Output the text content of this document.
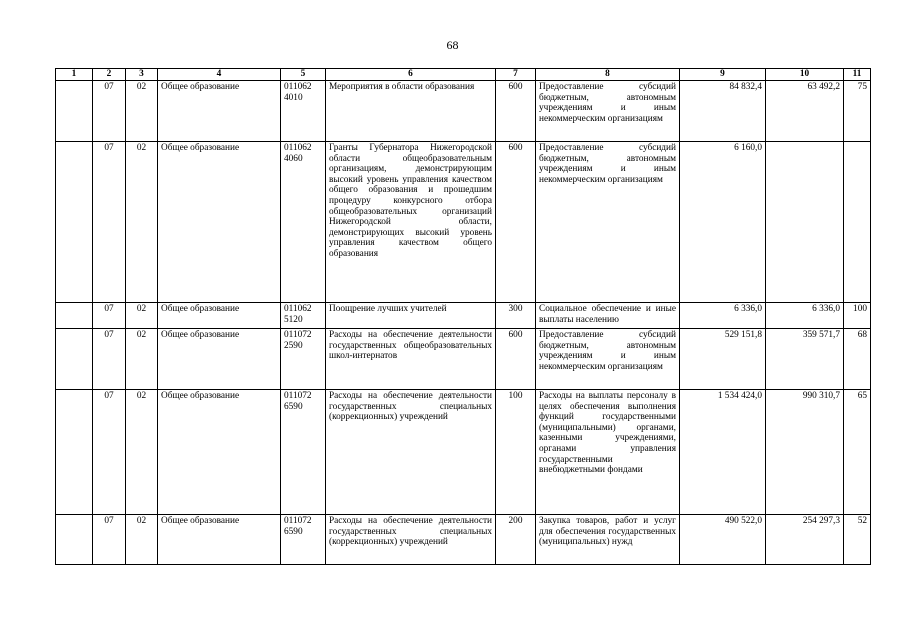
68
1	2	3	4	5	6	7	8	9	10	11
	07	02	Общее образование	011062 4010	Мероприятия в области образования	600	Предоставление субсидий бюджетным, автономным учреждениям и иным некоммерческим организациям	84 832,4	63 492,2	75
	07	02	Общее образование	011062 4060	Гранты Губернатора Нижегородской области общеобразовательным организациям, демонстрирующим высокий уровень управления качеством общего образования и прошедшим процедуру конкурсного отбора общеобразовательных организаций Нижегородской области, демонстрирующих высокий уровень управления качеством общего образования	600	Предоставление субсидий бюджетным, автономным учреждениям и иным некоммерческим организациям	6 160,0		
	07	02	Общее образование	011062 5120	Поощрение лучших учителей	300	Социальное обеспечение и иные выплаты населению	6 336,0	6 336,0	100
	07	02	Общее образование	011072 2590	Расходы на обеспечение деятельности государственных общеобразовательных школ-интернатов	600	Предоставление субсидий бюджетным, автономным учреждениям и иным некоммерческим организациям	529 151,8	359 571,7	68
	07	02	Общее образование	011072 6590	Расходы на обеспечение деятельности государственных специальных (коррекционных) учреждений	100	Расходы на выплаты персоналу в целях обеспечения выполнения функций государственными (муниципальными) органами, казенными учреждениями, органами управления государственными внебюджетными фондами	1 534 424,0	990 310,7	65
	07	02	Общее образование	011072 6590	Расходы на обеспечение деятельности государственных специальных (коррекционных) учреждений	200	Закупка товаров, работ и услуг для обеспечения государственных (муниципальных) нужд	490 522,0	254 297,3	52
